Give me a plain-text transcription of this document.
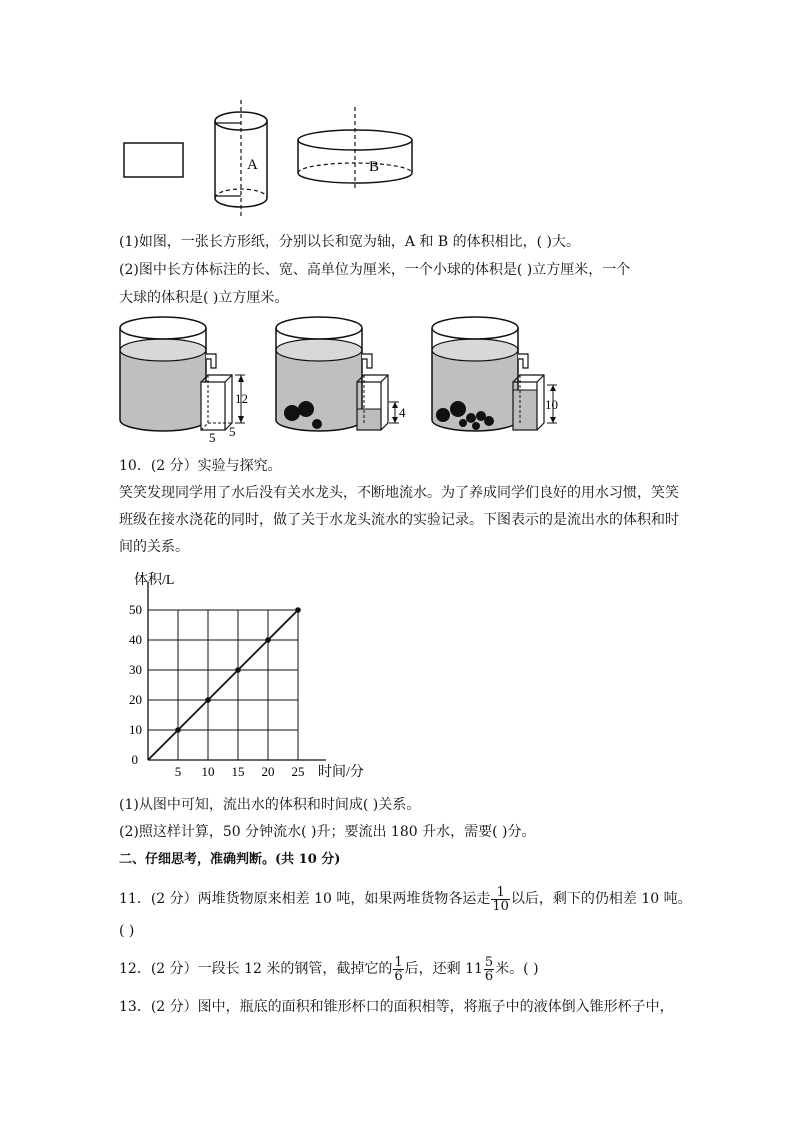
A	B
(1)如图，一张长方形纸，分别以长和宽为轴，A 和 B 的体积相比，( )大。
(2)图中长方体标注的长、宽、高单位为厘米，一个小球的体积是( )立方厘米，一个
大球的体积是( )立方厘米。
12
5 5
4
10
10．(2 分）实验与探究。
笑笑发现同学用了水后没有关水龙头，不断地流水。为了养成同学们良好的用水习惯，笑笑
班级在接水浇花的同时，做了关于水龙头流水的实验记录。下图表示的是流出水的体积和时
间的关系。
5 10 15 20 25
10
20
30
40
50
0
体积/L
时间/分
(1)从图中可知，流出水的体积和时间成( )关系。
(2)照这样计算，50 分钟流水( )升；要流出 180 升水，需要( )分。
二、仔细思考，准确判断。(共 10 分)
11．(2 分）两堆货物原来相差 10 吨，如果两堆货物各运走 $\frac{1}{10}$ 以后，剩下的仍相差 10 吨。
( )
12．(2 分）一段长 12 米的钢管，截掉它的 $\frac{1}{6}$ 后，还剩 $11 \frac{5}{6}$ 米。( )
13．(2 分）图中，瓶底的面积和锥形杯口的面积相等，将瓶子中的液体倒入锥形杯子中，
